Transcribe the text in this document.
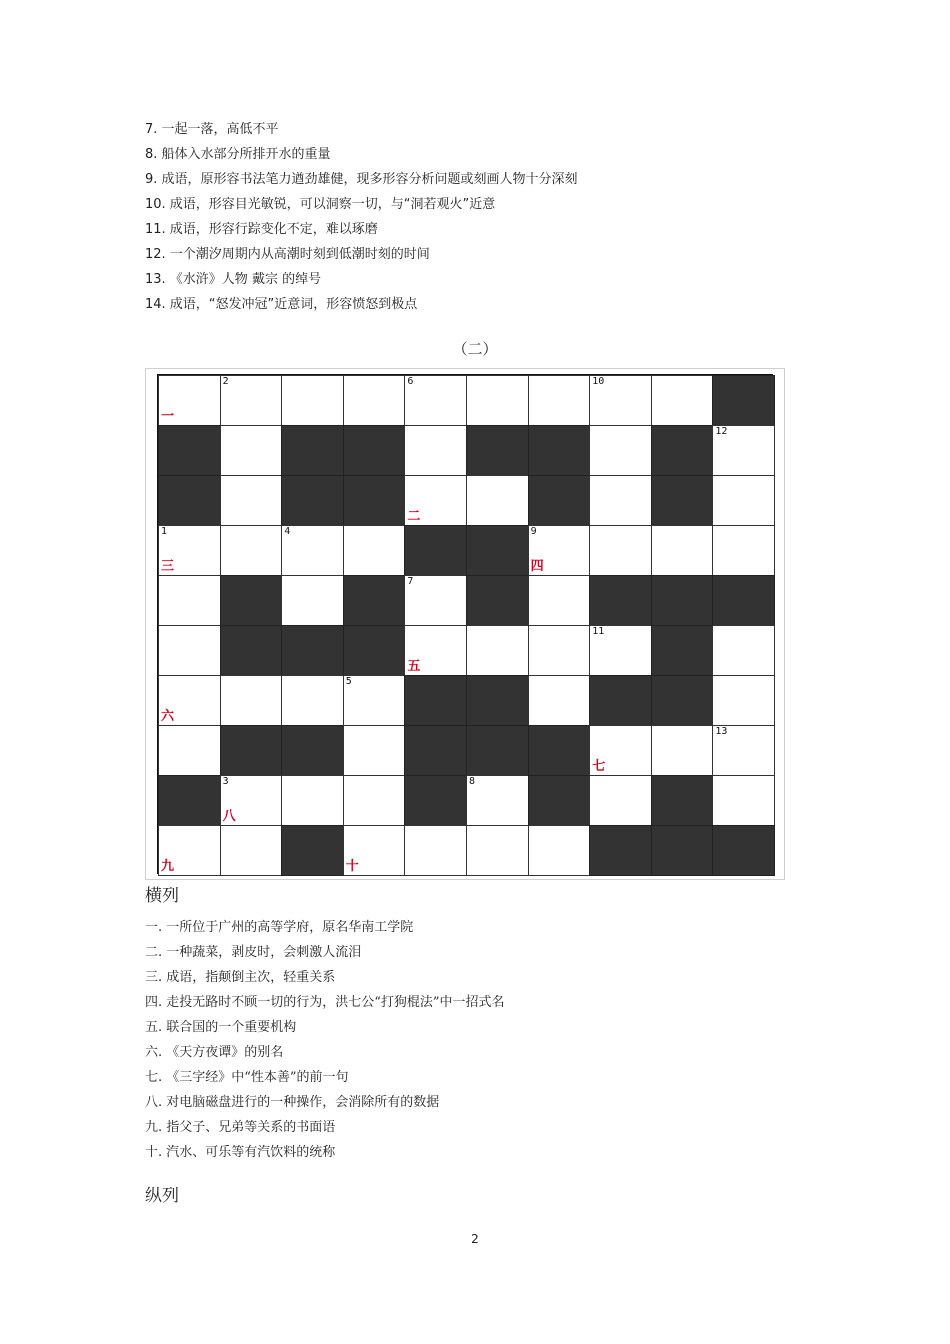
7. 一起一落，高低不平
8. 船体入水部分所排开水的重量
9. 成语，原形容书法笔力遒劲雄健，现多形容分析问题或刻画人物十分深刻
10. 成语，形容目光敏锐，可以洞察一切，与“洞若观火”近意
11. 成语，形容行踪变化不定，难以琢磨
12. 一个潮汐周期内从高潮时刻到低潮时刻的时间
13. 《水浒》人物 戴宗 的绰号
14. 成语，“怒发冲冠”近意词，形容愤怒到极点
（二）
一
2	6	10
12
二
1
三
4	9
四
7
五
11
六
5
七
13
3
八
8
九	十
横列
一. 一所位于广州的高等学府，原名华南工学院
二. 一种蔬菜，剥皮时，会刺激人流泪
三. 成语，指颠倒主次，轻重关系
四. 走投无路时不顾一切的行为，洪七公“打狗棍法”中一招式名
五. 联合国的一个重要机构
六. 《天方夜谭》的别名
七. 《三字经》中“性本善”的前一句
八. 对电脑磁盘进行的一种操作，会消除所有的数据
九. 指父子、兄弟等关系的书面语
十. 汽水、可乐等有汽饮料的统称
纵列
2
